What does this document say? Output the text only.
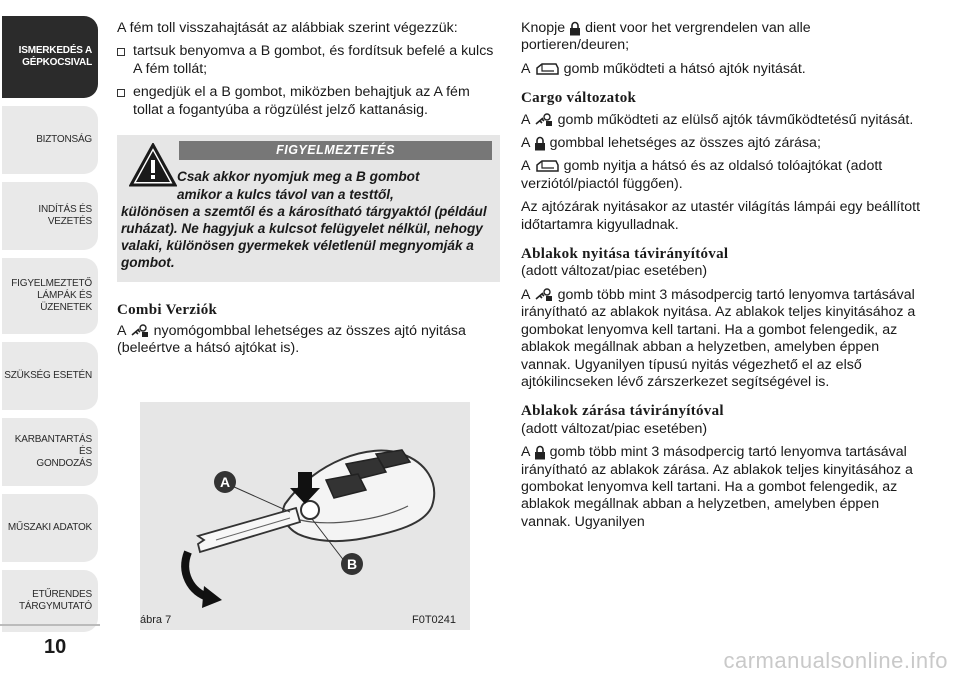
ISMERKEDÉS A
GÉPKOCSIVAL
BIZTONSÁG
INDÍTÁS ÉS VEZETÉS
FIGYELMEZTETŐ
LÁMPÁK ÉS
ÜZENETEK
SZÜKSÉG ESETÉN
KARBANTARTÁS ÉS
GONDOZÁS
MŰSZAKI ADATOK
ETŰRENDES
TÁRGYMUTATÓ
10

A fém toll visszahajtását az alábbiak szerint végezzük:

tartsuk benyomva a B gombot, és fordítsuk befelé a kulcs A fém tollát;
engedjük el a B gombot, miközben behajtjuk az A fém tollat a fogantyúba a rögzülést jelző kattanásig.
FIGYELMEZTETÉS
Csak akkor nyomjuk meg a B gombot
amikor a kulcs távol van a testtől,
különösen a szemtől és a károsítható tárgyaktól (például ruházat). Ne hagyjuk a kulcsot felügyelet nélkül, nehogy valaki, különösen gyermekek véletlenül megnyomják a gombot.
Combi Verziók

A nyomógombbal lehetséges az összes ajtó nyitása (beleértve a hátsó ajtókat is).

A
B
ábra 7	F0T0241

Knopje dient voor het vergrendelen van alle portieren/deuren;

A gomb működteti a hátsó ajtók nyitását.

Cargo változatok

A gomb működteti az elülső ajtók távműködtetésű nyitását.

A gombbal lehetséges az összes ajtó zárása;

A gomb nyitja a hátsó és az oldalsó tolóajtókat (adott verziótól/piactól függően).

Az ajtózárak nyitásakor az utastér világítás lámpái egy beállított időtartamra kigyulladnak.

Ablakok nyitása távirányítóval

(adott változat/piac esetében)

A gomb több mint 3 másodpercig tartó lenyomva tartásával irányítható az ablakok nyitása. Az ablakok teljes kinyitásához a gombokat lenyomva kell tartani. Ha a gombot felengedik, az ablakok megállnak abban a helyzetben, amelyben éppen vannak. Ugyanilyen típusú nyitás végezhető el az első ajtókilincseken lévő zárszerkezet segítségével is.

Ablakok zárása távirányítóval

(adott változat/piac esetében)

A gomb több mint 3 másodpercig tartó lenyomva tartásával irányítható az ablakok zárása. Az ablakok teljes kinyitásához a gombokat lenyomva kell tartani. Ha a gombot felengedik, az ablakok megállnak abban a helyzetben, amelyben éppen vannak. Ugyanilyen

carmanualsonline.info
